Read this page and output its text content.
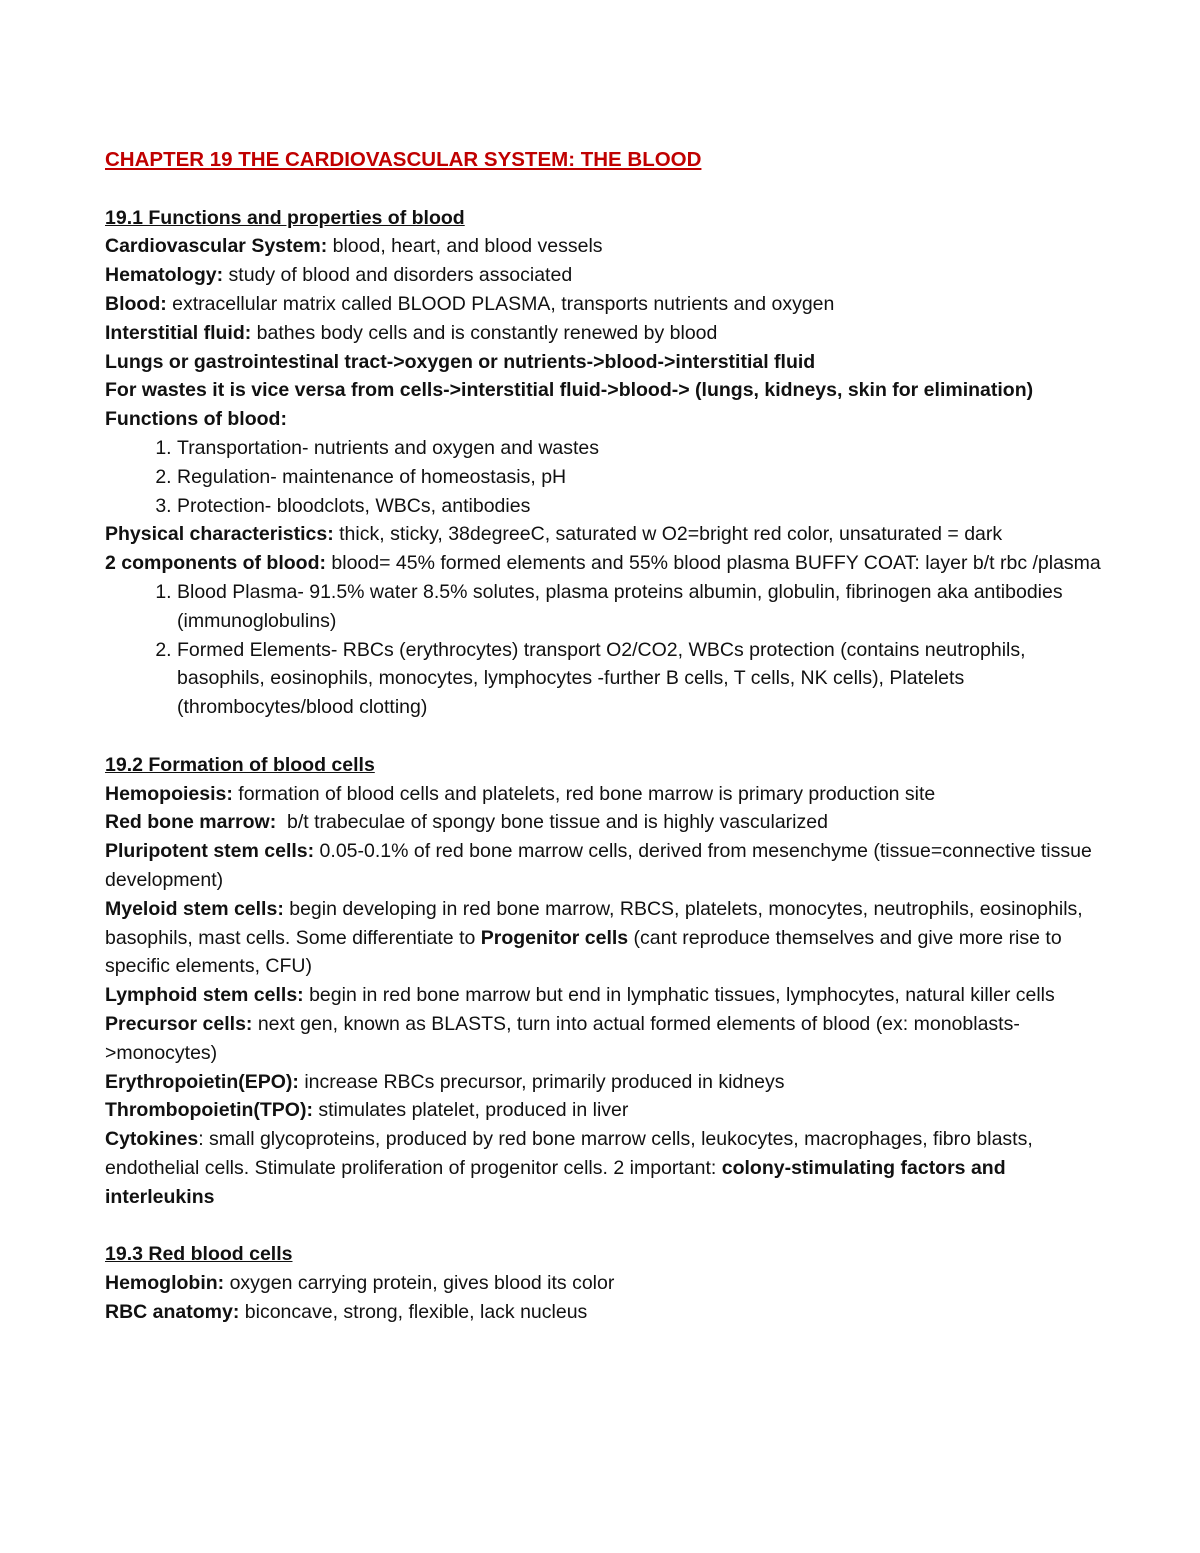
CHAPTER 19 THE CARDIOVASCULAR SYSTEM: THE BLOOD

19.1 Functions and properties of blood

Cardiovascular System: blood, heart, and blood vessels

Hematology: study of blood and disorders associated

Blood: extracellular matrix called BLOOD PLASMA, transports nutrients and oxygen

Interstitial fluid: bathes body cells and is constantly renewed by blood

Lungs or gastrointestinal tract->oxygen or nutrients->blood->interstitial fluid

For wastes it is vice versa from cells->interstitial fluid->blood-> (lungs, kidneys, skin for elimination)

Functions of blood:

1. Transportation- nutrients and oxygen and wastes
2. Regulation- maintenance of homeostasis, pH
3. Protection- bloodclots, WBCs, antibodies

Physical characteristics: thick, sticky, 38degreeC, saturated w O2=bright red color, unsaturated = dark

2 components of blood: blood= 45% formed elements and 55% blood plasma BUFFY COAT: layer b/t rbc /plasma

1. Blood Plasma- 91.5% water 8.5% solutes, plasma proteins albumin, globulin, fibrinogen aka antibodies (immunoglobulins)
2. Formed Elements- RBCs (erythrocytes) transport O2/CO2, WBCs protection (contains neutrophils, basophils, eosinophils, monocytes, lymphocytes -further B cells, T cells, NK cells), Platelets (thrombocytes/blood clotting)

19.2 Formation of blood cells

Hemopoiesis: formation of blood cells and platelets, red bone marrow is primary production site

Red bone marrow:  b/t trabeculae of spongy bone tissue and is highly vascularized

Pluripotent stem cells: 0.05-0.1% of red bone marrow cells, derived from mesenchyme (tissue=connective tissue development)

Myeloid stem cells: begin developing in red bone marrow, RBCS, platelets, monocytes, neutrophils, eosinophils, basophils, mast cells. Some differentiate to Progenitor cells (cant reproduce themselves and give more rise to specific elements, CFU)

Lymphoid stem cells: begin in red bone marrow but end in lymphatic tissues, lymphocytes, natural killer cells

Precursor cells: next gen, known as BLASTS, turn into actual formed elements of blood (ex: monoblasts->monocytes)

Erythropoietin(EPO): increase RBCs precursor, primarily produced in kidneys

Thrombopoietin(TPO): stimulates platelet, produced in liver

Cytokines: small glycoproteins, produced by red bone marrow cells, leukocytes, macrophages, fibro blasts, endothelial cells. Stimulate proliferation of progenitor cells. 2 important: colony-stimulating factors and interleukins

19.3 Red blood cells

Hemoglobin: oxygen carrying protein, gives blood its color

RBC anatomy: biconcave, strong, flexible, lack nucleus
